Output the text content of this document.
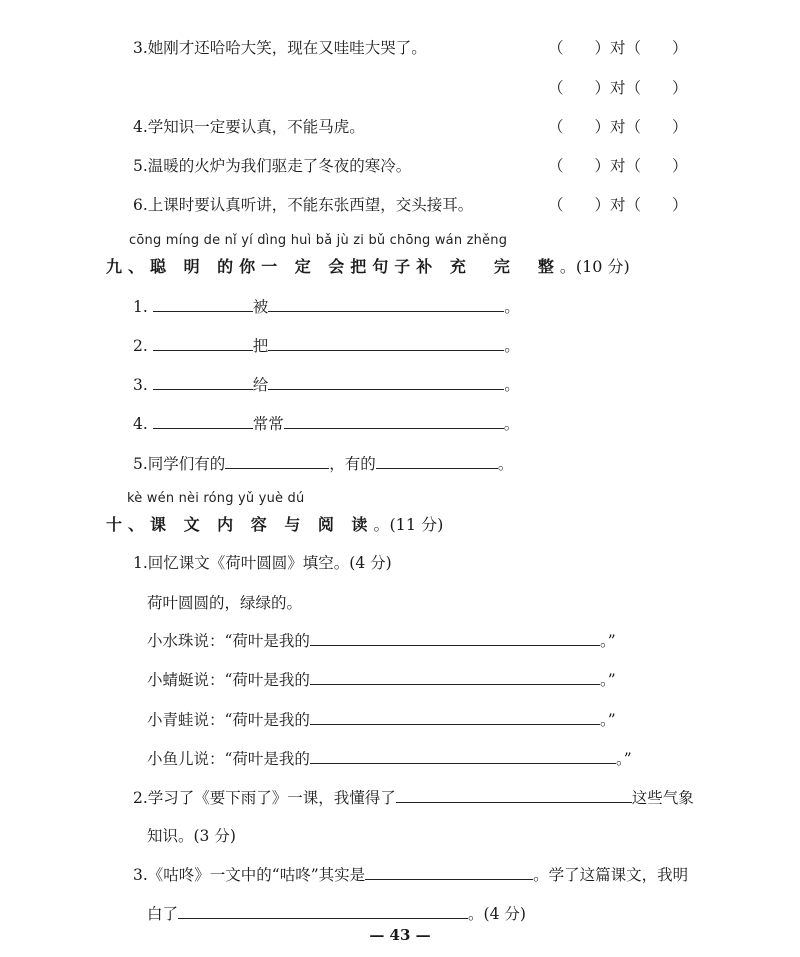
3.她刚才还哈哈大笑，现在又哇哇大哭了。	（　　）对（　　）
（　　）对（　　）
4.学知识一定要认真，不能马虎。	（　　）对（　　）
5.温暖的火炉为我们驱走了冬夜的寒冷。	（　　）对（　　）
6.上课时要认真听讲，不能东张西望，交头接耳。	（　　）对（　　）
cōng míng de nǐ yí dìng huì bǎ jù zi bǔ chōng wán zhěng
九、聪 明 的你一 定 会把句子补 充　完　整。(10 分)
1.	被	。
2.	把	。
3.	给	。
4.	常常	。
5.同学们有的	，有的	。
kè wén nèi róng yǔ yuè dú
十、课 文 内 容 与 阅 读。(11 分)
1.回忆课文《荷叶圆圆》填空。(4 分)
荷叶圆圆的，绿绿的。
小水珠说：“荷叶是我的	。”
小蜻蜓说：“荷叶是我的	。”
小青蛙说：“荷叶是我的	。”
小鱼儿说：“荷叶是我的	。”
2.学习了《要下雨了》一课，我懂得了	这些气象
知识。(3 分)
3.《咕咚》一文中的“咕咚”其实是	。学了这篇课文，我明
白了	。(4 分)
— 43 —
